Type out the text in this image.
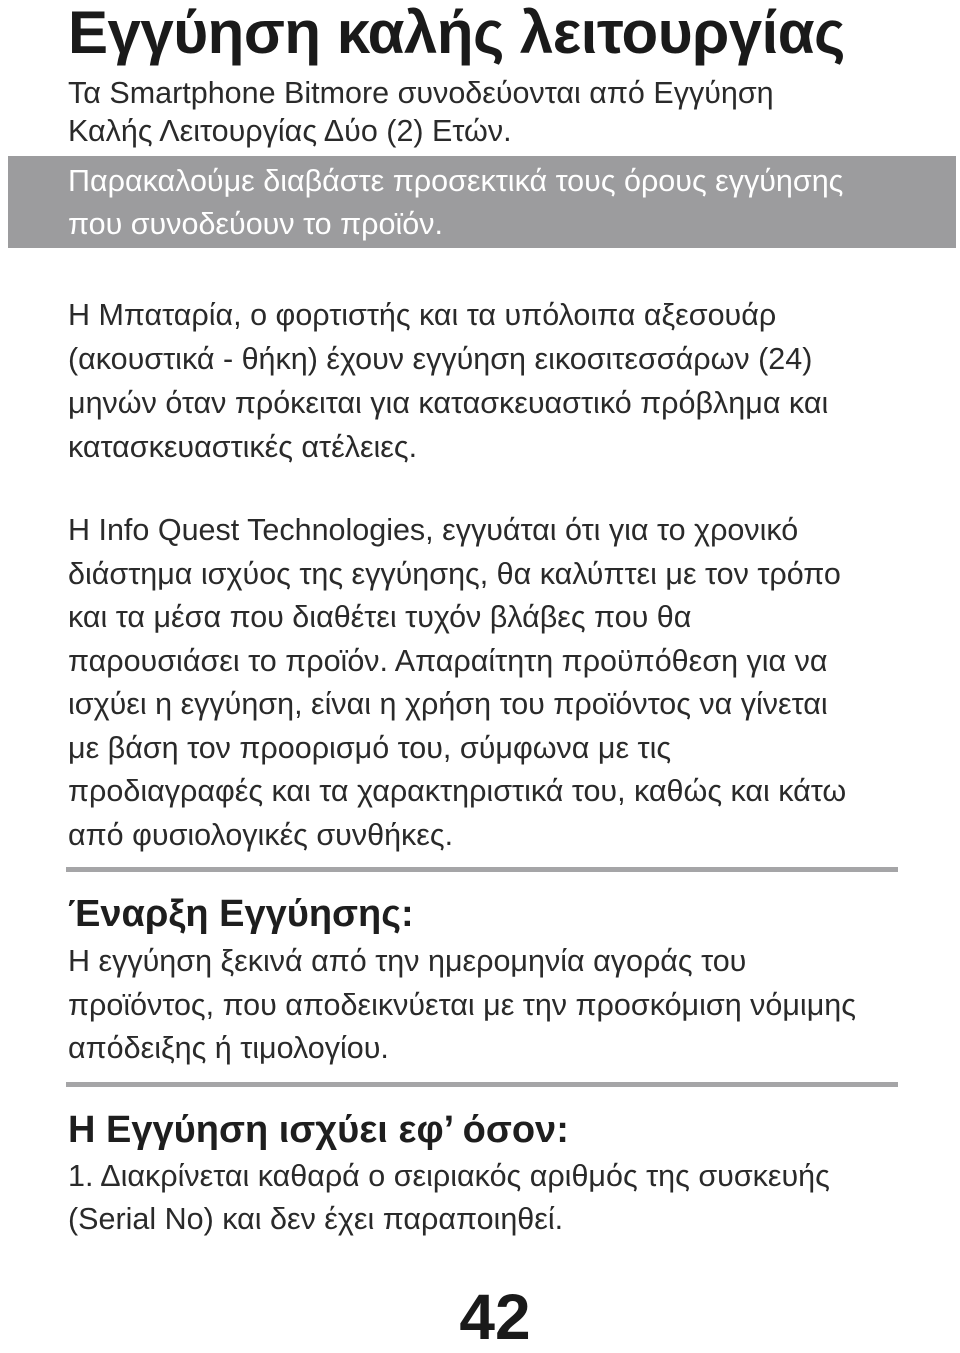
Εγγύηση καλής λειτουργίας

Τα Smartphone Bitmore συνοδεύονται από Εγγύηση
Καλής Λειτουργίας Δύο (2) Ετών.

Παρακαλούμε διαβάστε προσεκτικά τους όρους εγγύησης
που συνοδεύουν το προϊόν.

Η Μπαταρία, ο φορτιστής και τα υπόλοιπα αξεσουάρ
(ακουστικά - θήκη) έχουν εγγύηση εικοσιτεσσάρων (24)
μηνών όταν πρόκειται για κατασκευαστικό πρόβλημα και
κατασκευαστικές ατέλειες.

Η Info Quest Technologies, εγγυάται ότι για το χρονικό
διάστημα ισχύος της εγγύησης, θα καλύπτει με τον τρόπο
και τα μέσα που διαθέτει τυχόν βλάβες που θα
παρουσιάσει το προϊόν. Απαραίτητη προϋπόθεση για να
ισχύει η εγγύηση, είναι η χρήση του προϊόντος να γίνεται
με βάση τον προορισμό του, σύμφωνα με τις
προδιαγραφές και τα χαρακτηριστικά του, καθώς και κάτω
από φυσιολογικές συνθήκες.

Έναρξη Εγγύησης:

Η εγγύηση ξεκινά από την ημερομηνία αγοράς του
προϊόντος, που αποδεικνύεται με την προσκόμιση νόμιμης
απόδειξης ή τιμολογίου.

Η Εγγύηση ισχύει εφ’ όσον:

1. Διακρίνεται καθαρά ο σειριακός αριθμός της συσκευής
(Serial No) και δεν έχει παραποιηθεί.

42
